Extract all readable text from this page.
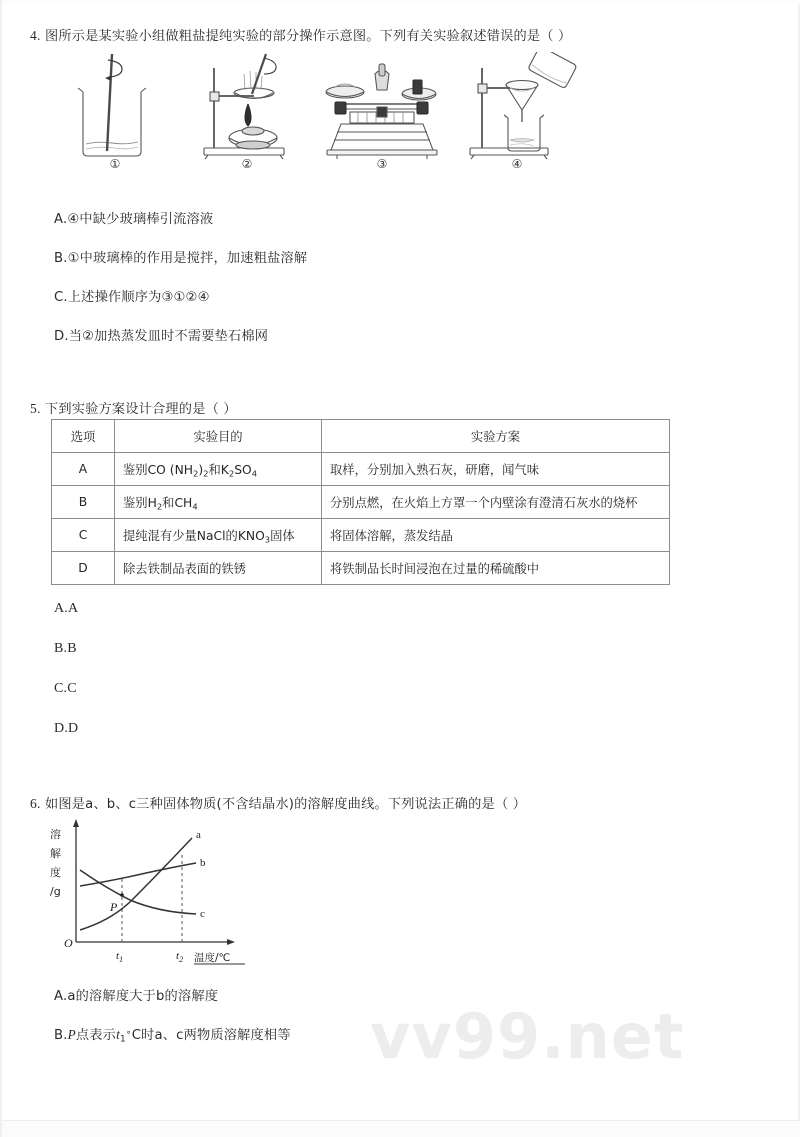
vv99.net
4. 图所示是某实验小组做粗盐提纯实验的部分操作示意图。下列有关实验叙述错误的是（ ）
①	②	③	④
A.④中缺少玻璃棒引流溶液
B.①中玻璃棒的作用是搅拌，加速粗盐溶解
C.上述操作顺序为③①②④
D.当②加热蒸发皿时不需要垫石棉网
5. 下到实验方案设计合理的是（ ）
选项	实验目的	实验方案
A	鉴别CO $(NH_2)_2$和$K_2SO_4$	取样，分别加入熟石灰，研磨，闻气味
B	鉴别$H_2$和$CH_4$	分别点燃，在火焰上方罩一个内壁涂有澄清石灰水的烧杯
C	提纯混有少量NaCl的$KNO_3$固体	将固体溶解，蒸发结晶
D	除去铁制品表面的铁锈	将铁制品长时间浸泡在过量的稀硫酸中
A.A
B.B
C.C
D.D
6. 如图是a、b、c三种固体物质(不含结晶水)的溶解度曲线。下列说法正确的是（ ）
a
b
c
P
O
$t_1$	$t_2$ 温度/℃
溶
解
度
/g
A.a的溶解度大于b的溶解度
B.P点表示$t_1^\circ C$时a、c两物质溶解度相等
